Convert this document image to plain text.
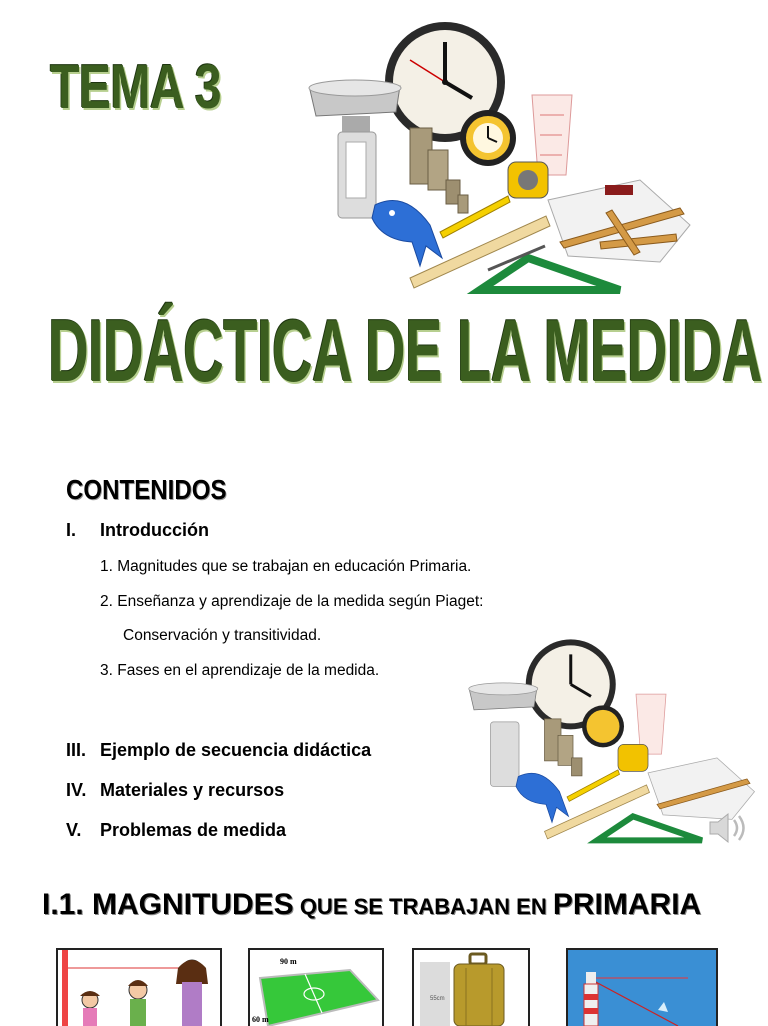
TEMA 3
DIDÁCTICA DE LA MEDIDA
CONTENIDOS
I. Introducción
1. Magnitudes que se trabajan en educación Primaria.
2. Enseñanza y aprendizaje de la medida según Piaget:
Conservación y transitividad.
3. Fases en el aprendizaje de la medida.
III. Ejemplo de secuencia didáctica
IV. Materiales y recursos
V. Problemas de medida
I.1. MAGNITUDES QUE SE TRABAJAN EN PRIMARIA
90 m
60 m
55cm
